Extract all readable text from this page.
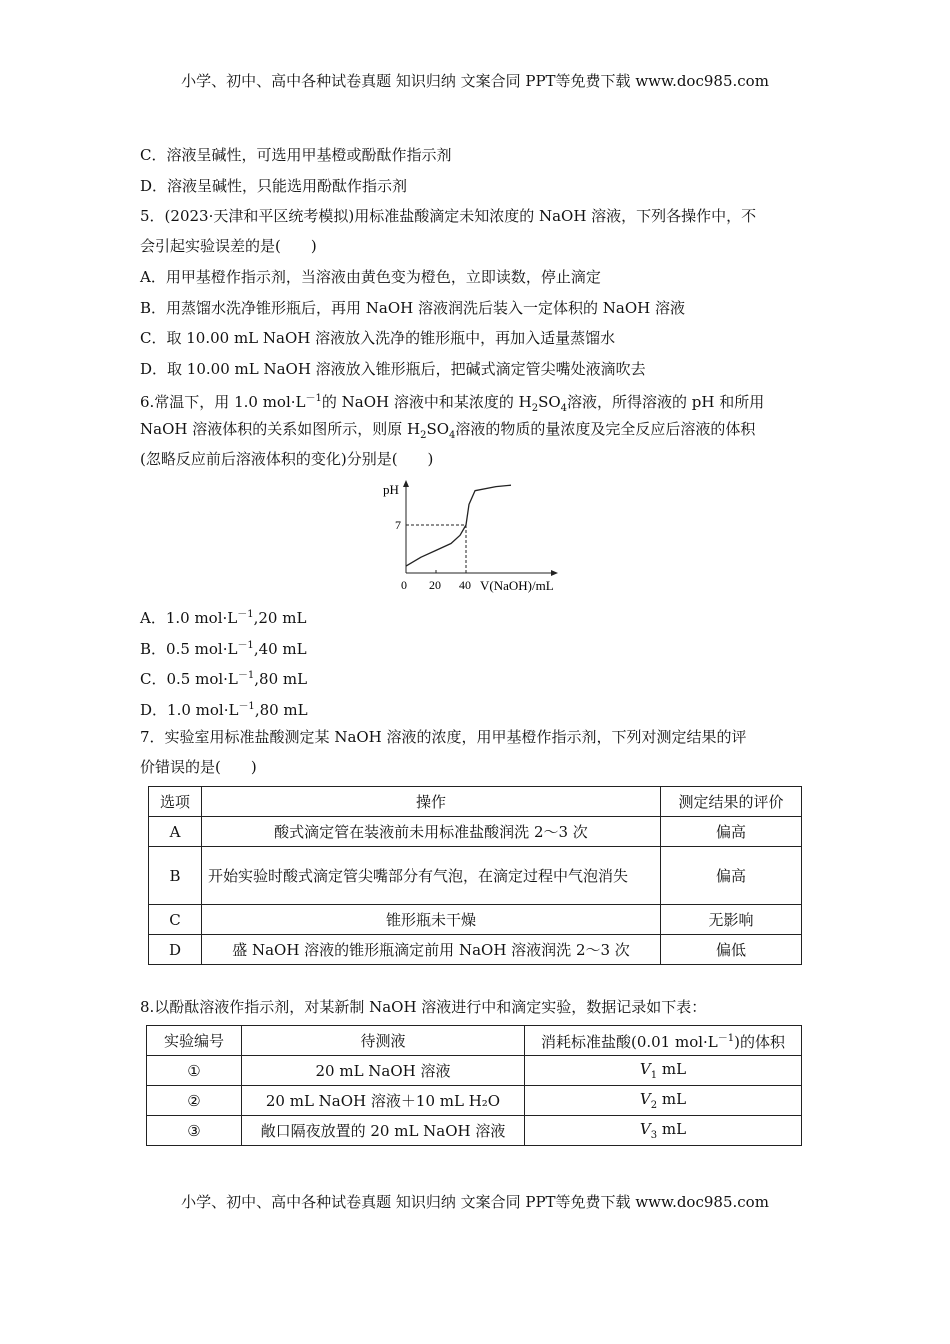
小学、初中、高中各种试卷真题 知识归纳 文案合同 PPT等免费下载 www.doc985.com
C．溶液呈碱性，可选用甲基橙或酚酞作指示剂
D．溶液呈碱性，只能选用酚酞作指示剂
5．(2023·天津和平区统考模拟)用标准盐酸滴定未知浓度的 NaOH 溶液，下列各操作中，不
会引起实验误差的是(　　)
A．用甲基橙作指示剂，当溶液由黄色变为橙色，立即读数，停止滴定
B．用蒸馏水洗净锥形瓶后，再用 NaOH 溶液润洗后装入一定体积的 NaOH 溶液
C．取 10.00 mL NaOH 溶液放入洗净的锥形瓶中，再加入适量蒸馏水
D．取 10.00 mL NaOH 溶液放入锥形瓶后，把碱式滴定管尖嘴处液滴吹去
6.常温下，用 1.0 $mol\cdot L^{-1}$的 NaOH 溶液中和某浓度的 $H_2SO_4$溶液，所得溶液的 pH 和所用
NaOH 溶液体积的关系如图所示，则原 $H_2SO_4$溶液的物质的量浓度及完全反应后溶液的体积
(忽略反应前后溶液体积的变化)分别是(　　)
pH
V(NaOH)/mL
0 20 40
7
A．1.0 $mol\cdot L^{-1},20$ mL
B．0.5 $mol\cdot L^{-1},40$ mL
C．0.5 $mol\cdot L^{-1},80$ mL
D．1.0 $mol\cdot L^{-1},80$ mL
7．实验室用标准盐酸测定某 NaOH 溶液的浓度，用甲基橙作指示剂，下列对测定结果的评
价错误的是(　　)
选项	操作	测定结果的评价
A	酸式滴定管在装液前未用标准盐酸润洗 2～3 次	偏高
B	开始实验时酸式滴定管尖嘴部分有气泡，在滴定过程中气泡消失	偏高
C	锥形瓶未干燥	无影响
D	盛 NaOH 溶液的锥形瓶滴定前用 NaOH 溶液润洗 2～3 次	偏低
8.以酚酞溶液作指示剂，对某新制 NaOH 溶液进行中和滴定实验，数据记录如下表：
实验编号	待测液	消耗标准盐酸(0.01 $mol\cdot L^{-1}$)的体积
①	20 mL NaOH 溶液	$V_1$ mL
②	20 mL NaOH 溶液＋10 mL H₂O	$V_2$ mL
③	敞口隔夜放置的 20 mL NaOH 溶液	$V_3$ mL
小学、初中、高中各种试卷真题 知识归纳 文案合同 PPT等免费下载 www.doc985.com
